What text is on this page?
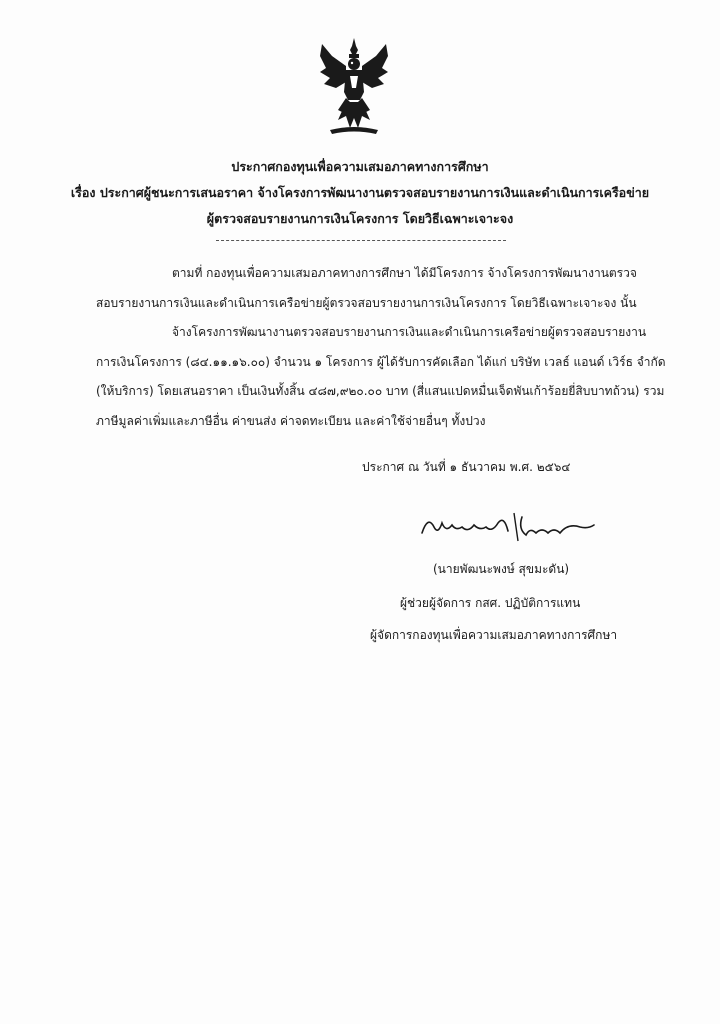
ประกาศกองทุนเพื่อความเสมอภาคทางการศึกษา
เรื่อง ประกาศผู้ชนะการเสนอราคา จ้างโครงการพัฒนางานตรวจสอบรายงานการเงินและดำเนินการเครือข่าย
ผู้ตรวจสอบรายงานการเงินโครงการ โดยวิธีเฉพาะเจาะจง
ตามที่ กองทุนเพื่อความเสมอภาคทางการศึกษา ได้มีโครงการ จ้างโครงการพัฒนางานตรวจ
สอบรายงานการเงินและดำเนินการเครือข่ายผู้ตรวจสอบรายงานการเงินโครงการ โดยวิธีเฉพาะเจาะจง นั้น
จ้างโครงการพัฒนางานตรวจสอบรายงานการเงินและดำเนินการเครือข่ายผู้ตรวจสอบรายงาน
การเงินโครงการ (๘๔.๑๑.๑๖.๐๐) จำนวน ๑ โครงการ ผู้ได้รับการคัดเลือก ได้แก่ บริษัท เวลธ์ แอนด์ เวิร์ธ จำกัด
(ให้บริการ) โดยเสนอราคา เป็นเงินทั้งสิ้น ๔๘๗,๙๒๐.๐๐ บาท (สี่แสนแปดหมื่นเจ็ดพันเก้าร้อยยี่สิบบาทถ้วน) รวม
ภาษีมูลค่าเพิ่มและภาษีอื่น ค่าขนส่ง ค่าจดทะเบียน และค่าใช้จ่ายอื่นๆ ทั้งปวง
ประกาศ ณ วันที่ ๑ ธันวาคม พ.ศ. ๒๕๖๔
(นายพัฒนะพงษ์ สุขมะดัน)
ผู้ช่วยผู้จัดการ กสศ. ปฏิบัติการแทน
ผู้จัดการกองทุนเพื่อความเสมอภาคทางการศึกษา
